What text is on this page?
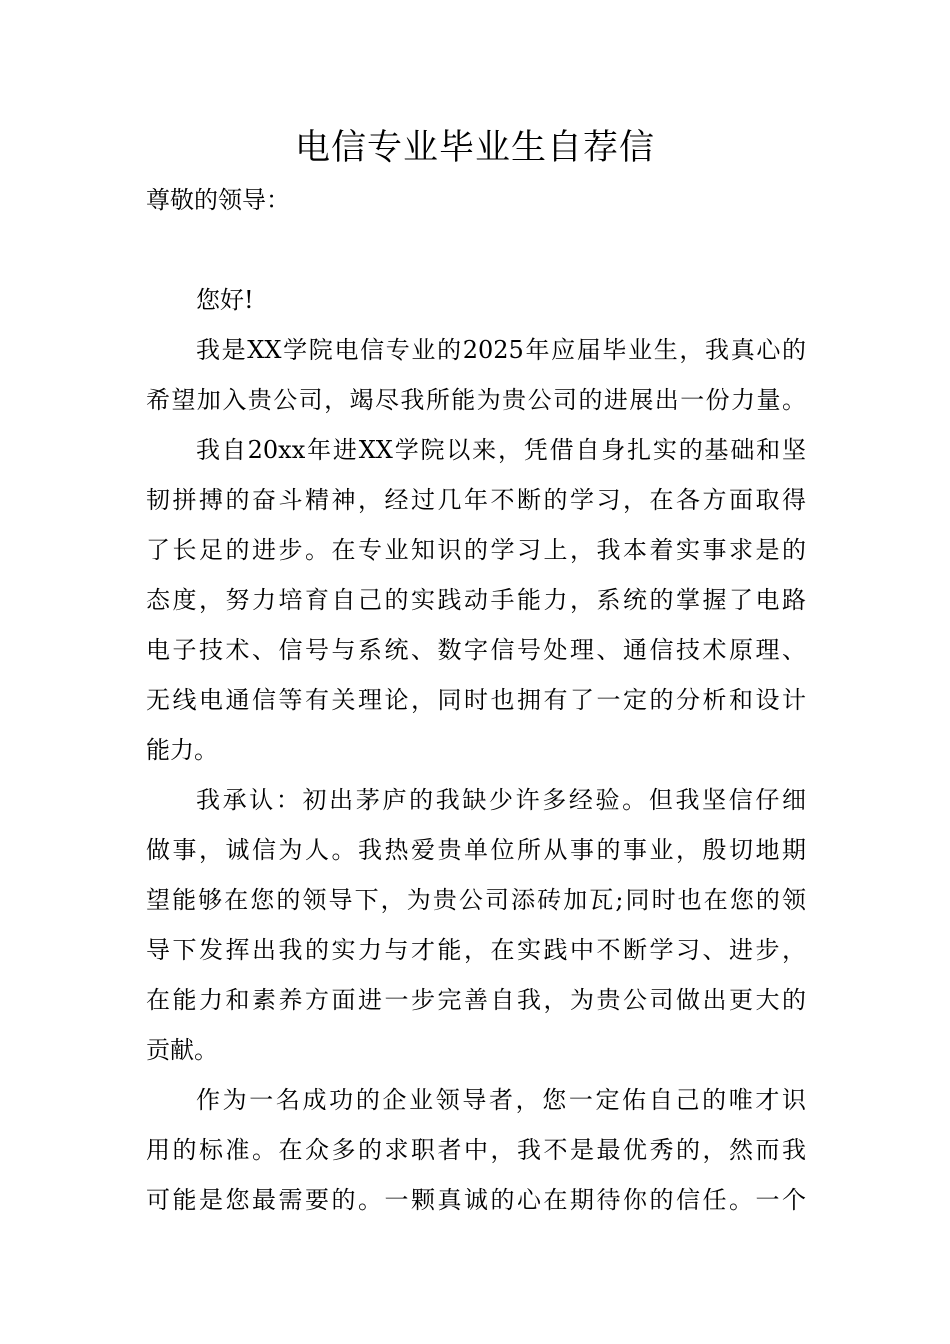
电信专业毕业生自荐信
尊敬的领导：
您好!
我是XX学院电信专业的2025年应届毕业生，我真心的
希望加入贵公司，竭尽我所能为贵公司的进展出一份力量。
我自20xx年进XX学院以来，凭借自身扎实的基础和坚
韧拼搏的奋斗精神，经过几年不断的学习，在各方面取得
了长足的进步。在专业知识的学习上，我本着实事求是的
态度，努力培育自己的实践动手能力，系统的掌握了电路
电子技术、信号与系统、数字信号处理、通信技术原理、
无线电通信等有关理论，同时也拥有了一定的分析和设计
能力。
我承认：初出茅庐的我缺少许多经验。但我坚信仔细
做事，诚信为人。我热爱贵单位所从事的事业，殷切地期
望能够在您的领导下，为贵公司添砖加瓦;同时也在您的领
导下发挥出我的实力与才能，在实践中不断学习、进步，
在能力和素养方面进一步完善自我，为贵公司做出更大的
贡献。
作为一名成功的企业领导者，您一定佑自己的唯才识
用的标准。在众多的求职者中，我不是最优秀的，然而我
可能是您最需要的。一颗真诚的心在期待你的信任。一个
